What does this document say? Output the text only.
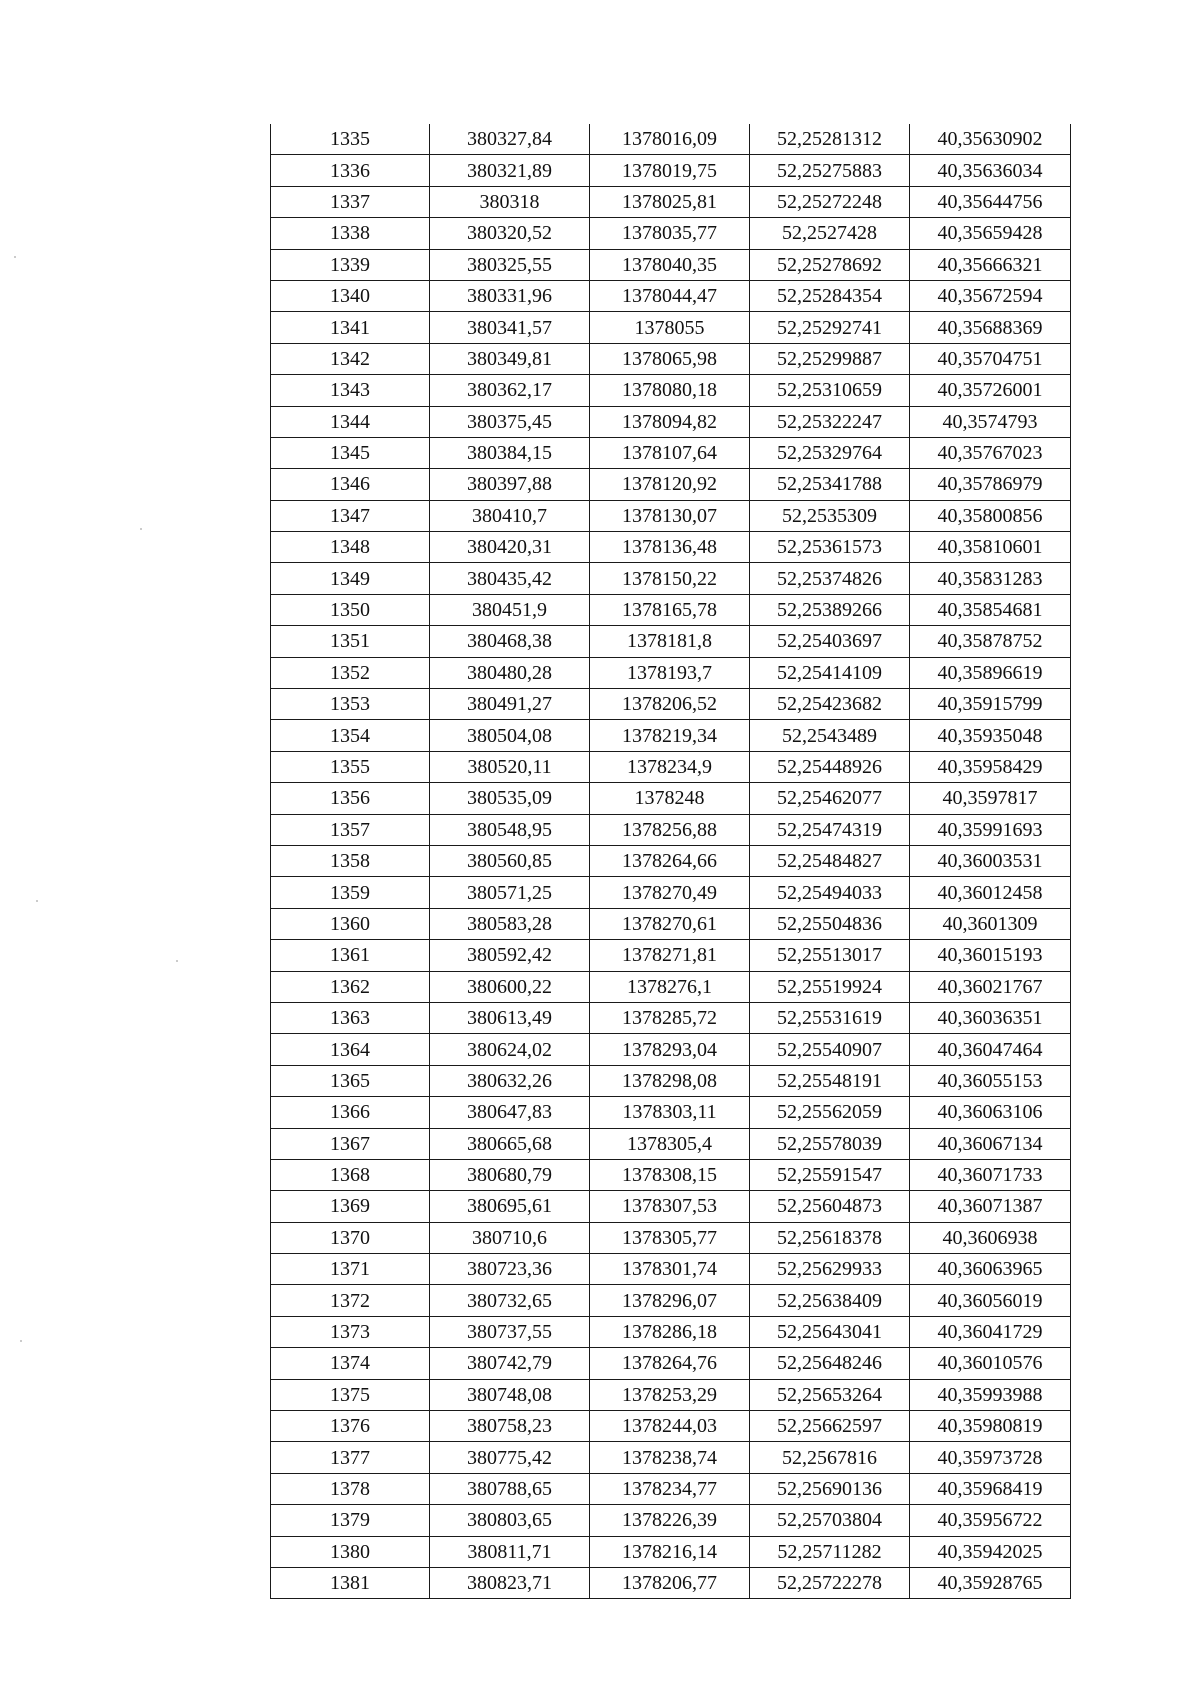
1335	380327,84	1378016,09	52,25281312	40,35630902
1336	380321,89	1378019,75	52,25275883	40,35636034
1337	380318	1378025,81	52,25272248	40,35644756
1338	380320,52	1378035,77	52,2527428	40,35659428
1339	380325,55	1378040,35	52,25278692	40,35666321
1340	380331,96	1378044,47	52,25284354	40,35672594
1341	380341,57	1378055	52,25292741	40,35688369
1342	380349,81	1378065,98	52,25299887	40,35704751
1343	380362,17	1378080,18	52,25310659	40,35726001
1344	380375,45	1378094,82	52,25322247	40,3574793
1345	380384,15	1378107,64	52,25329764	40,35767023
1346	380397,88	1378120,92	52,25341788	40,35786979
1347	380410,7	1378130,07	52,2535309	40,35800856
1348	380420,31	1378136,48	52,25361573	40,35810601
1349	380435,42	1378150,22	52,25374826	40,35831283
1350	380451,9	1378165,78	52,25389266	40,35854681
1351	380468,38	1378181,8	52,25403697	40,35878752
1352	380480,28	1378193,7	52,25414109	40,35896619
1353	380491,27	1378206,52	52,25423682	40,35915799
1354	380504,08	1378219,34	52,2543489	40,35935048
1355	380520,11	1378234,9	52,25448926	40,35958429
1356	380535,09	1378248	52,25462077	40,3597817
1357	380548,95	1378256,88	52,25474319	40,35991693
1358	380560,85	1378264,66	52,25484827	40,36003531
1359	380571,25	1378270,49	52,25494033	40,36012458
1360	380583,28	1378270,61	52,25504836	40,3601309
1361	380592,42	1378271,81	52,25513017	40,36015193
1362	380600,22	1378276,1	52,25519924	40,36021767
1363	380613,49	1378285,72	52,25531619	40,36036351
1364	380624,02	1378293,04	52,25540907	40,36047464
1365	380632,26	1378298,08	52,25548191	40,36055153
1366	380647,83	1378303,11	52,25562059	40,36063106
1367	380665,68	1378305,4	52,25578039	40,36067134
1368	380680,79	1378308,15	52,25591547	40,36071733
1369	380695,61	1378307,53	52,25604873	40,36071387
1370	380710,6	1378305,77	52,25618378	40,3606938
1371	380723,36	1378301,74	52,25629933	40,36063965
1372	380732,65	1378296,07	52,25638409	40,36056019
1373	380737,55	1378286,18	52,25643041	40,36041729
1374	380742,79	1378264,76	52,25648246	40,36010576
1375	380748,08	1378253,29	52,25653264	40,35993988
1376	380758,23	1378244,03	52,25662597	40,35980819
1377	380775,42	1378238,74	52,2567816	40,35973728
1378	380788,65	1378234,77	52,25690136	40,35968419
1379	380803,65	1378226,39	52,25703804	40,35956722
1380	380811,71	1378216,14	52,25711282	40,35942025
1381	380823,71	1378206,77	52,25722278	40,35928765
